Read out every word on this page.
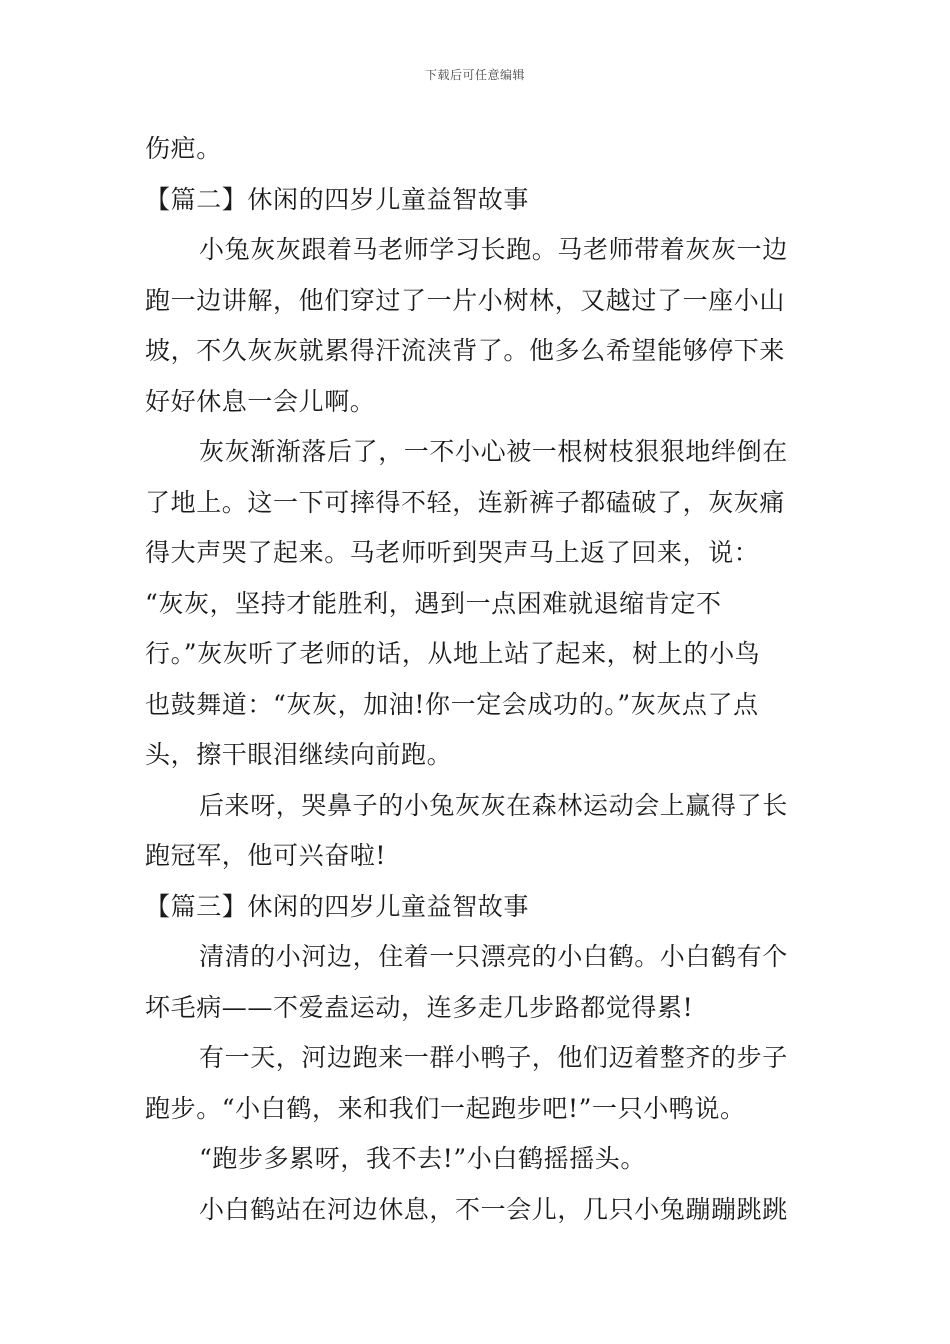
下载后可任意编辑
伤疤。
【篇二】休闲的四岁儿童益智故事
小兔灰灰跟着马老师学习长跑。马老师带着灰灰一边
跑一边讲解，他们穿过了一片小树林，又越过了一座小山
坡，不久灰灰就累得汗流浃背了。他多么希望能够停下来
好好休息一会儿啊。
灰灰渐渐落后了，一不小心被一根树枝狠狠地绊倒在
了地上。这一下可摔得不轻，连新裤子都磕破了，灰灰痛
得大声哭了起来。马老师听到哭声马上返了回来，说：
“灰灰，坚持才能胜利，遇到一点困难就退缩肯定不
行。”灰灰听了老师的话，从地上站了起来，树上的小鸟
也鼓舞道：“灰灰，加油!你一定会成功的。”灰灰点了点
头，擦干眼泪继续向前跑。
后来呀，哭鼻子的小兔灰灰在森林运动会上赢得了长
跑冠军，他可兴奋啦!
【篇三】休闲的四岁儿童益智故事
清清的小河边，住着一只漂亮的小白鹤。小白鹤有个
坏毛病——不爱盍运动，连多走几步路都觉得累!
有一天，河边跑来一群小鸭子，他们迈着整齐的步子
跑步。“小白鹤，来和我们一起跑步吧!”一只小鸭说。
“跑步多累呀，我不去!”小白鹤摇摇头。
小白鹤站在河边休息，不一会儿，几只小兔蹦蹦跳跳
